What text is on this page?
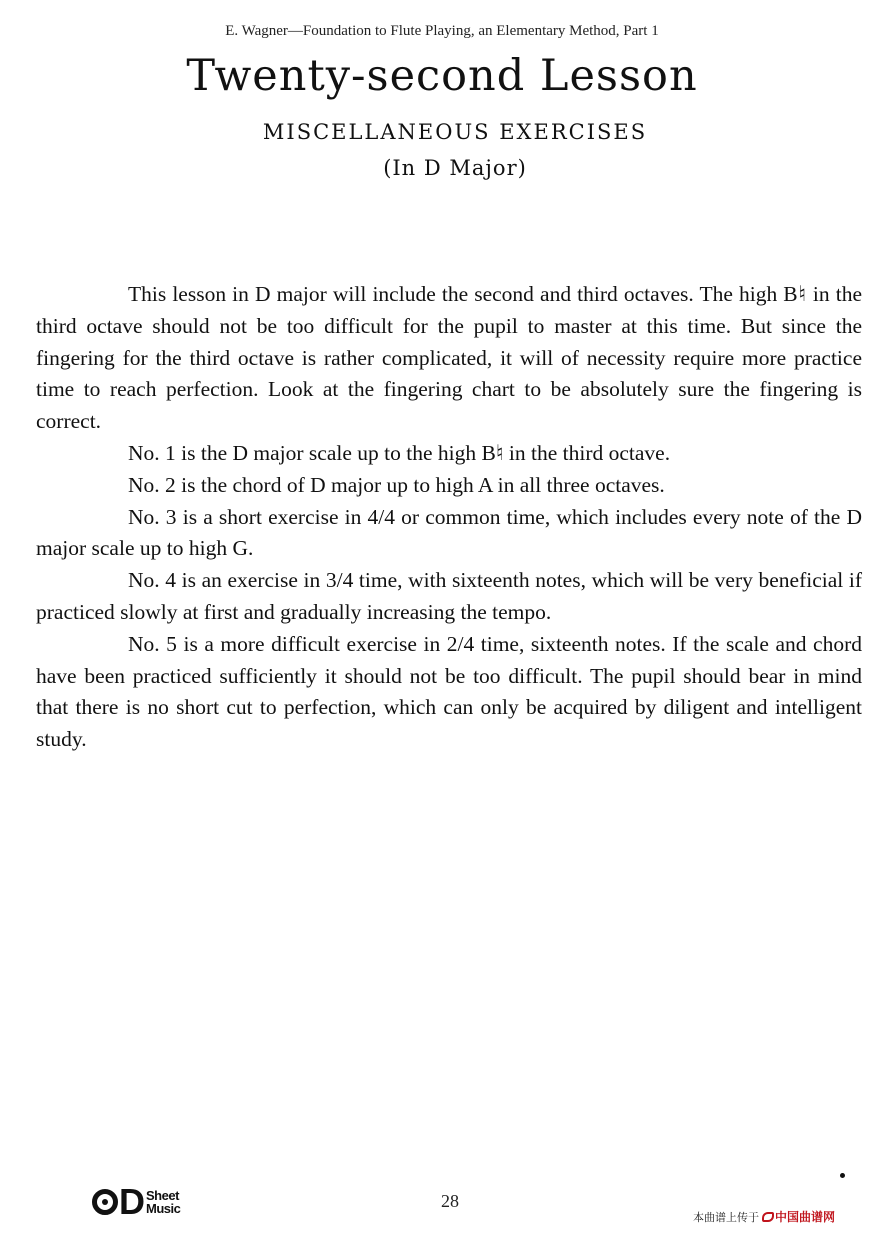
E. Wagner—Foundation to Flute Playing, an Elementary Method, Part 1
Twenty-second Lesson
MISCELLANEOUS EXERCISES
(In D Major)

This lesson in D major will include the second and third octaves. The high B♮ in the third octave should not be too difficult for the pupil to master at this time. But since the fingering for the third octave is rather complicated, it will of necessity require more practice time to reach perfection. Look at the fingering chart to be absolutely sure the fingering is correct.

No. 1 is the D major scale up to the high B♮ in the third octave.

No. 2 is the chord of D major up to high A in all three octaves.

No. 3 is a short exercise in 4/4 or common time, which includes every note of the D major scale up to high G.

No. 4 is an exercise in 3/4 time, with sixteenth notes, which will be very beneficial if practiced slowly at first and gradually increasing the tempo.

No. 5 is a more difficult exercise in 2/4 time, sixteenth notes. If the scale and chord have been practiced sufficiently it should not be too difficult. The pupil should bear in mind that there is no short cut to perfection, which can only be acquired by diligent and intelligent study.

D Sheet
Music	28
本曲谱上传于 中国曲谱网
